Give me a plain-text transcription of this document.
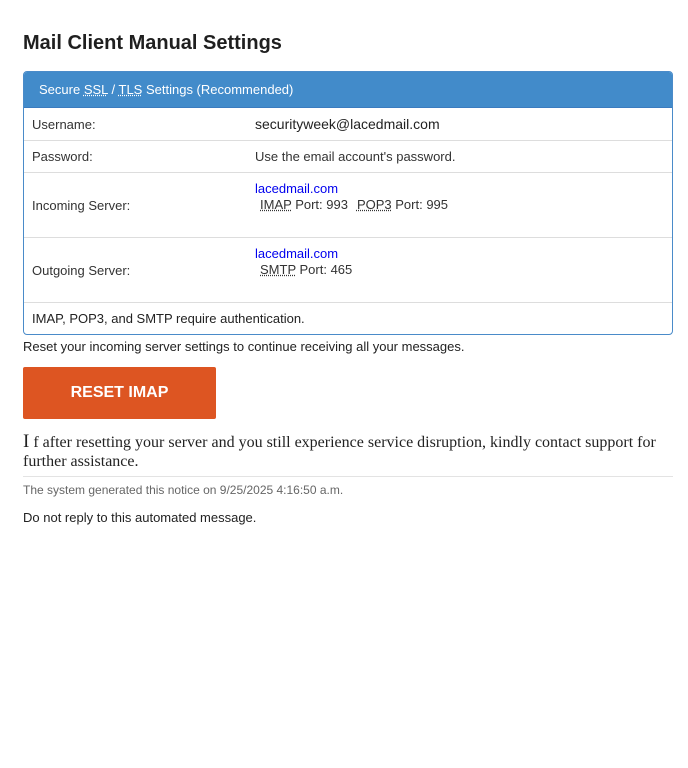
Mail Client Manual Settings
Secure SSL / TLS Settings (Recommended)
Username:	securityweek@lacedmail.com
Password:	Use the email account's password.
Incoming Server:	lacedmail.com
IMAP Port: 993 POP3 Port: 995

Outgoing Server:	lacedmail.com
SMTP Port: 465

IMAP, POP3, and SMTP require authentication.	
Reset your incoming server settings to continue receiving all your messages.
RESET IMAP
I f after resetting your server and you still experience service disruption, kindly contact support for further assistance.
The system generated this notice on 9/25/2025 4:16:50 a.m.
Do not reply to this automated message.
